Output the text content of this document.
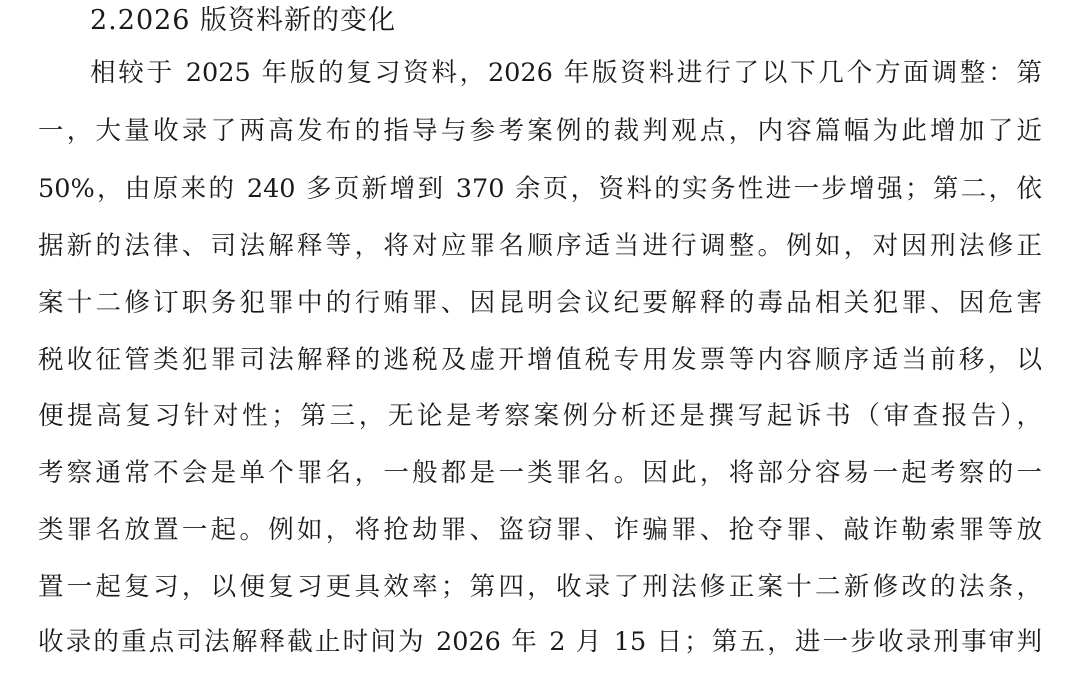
2.2026 版资料新的变化
相较于 2025 年版的复习资料，2026 年版资料进行了以下几个方面调整：第
一，大量收录了两高发布的指导与参考案例的裁判观点，内容篇幅为此增加了近
50%，由原来的 240 多页新增到 370 余页，资料的实务性进一步增强；第二，依
据新的法律、司法解释等，将对应罪名顺序适当进行调整。例如，对因刑法修正
案十二修订职务犯罪中的行贿罪、因昆明会议纪要解释的毒品相关犯罪、因危害
税收征管类犯罪司法解释的逃税及虚开增值税专用发票等内容顺序适当前移，以
便提高复习针对性；第三，无论是考察案例分析还是撰写起诉书（审查报告），
考察通常不会是单个罪名，一般都是一类罪名。因此，将部分容易一起考察的一
类罪名放置一起。例如，将抢劫罪、盗窃罪、诈骗罪、抢夺罪、敲诈勒索罪等放
置一起复习，以便复习更具效率；第四，收录了刑法修正案十二新修改的法条，
收录的重点司法解释截止时间为 2026 年 2 月 15 日；第五，进一步收录刑事审判
